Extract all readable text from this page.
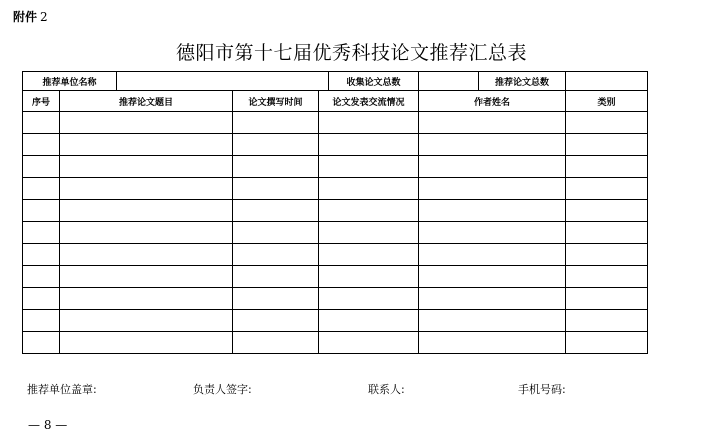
附件 2
德阳市第十七届优秀科技论文推荐汇总表
推荐单位名称					收集论文总数		推荐论文总数	
序号	推荐论文题目		论文撰写时间	论文发表交流情况		作者姓名		类别

推荐单位盖章:	负责人签字:	联系人:	手机号码:
— 8 —
